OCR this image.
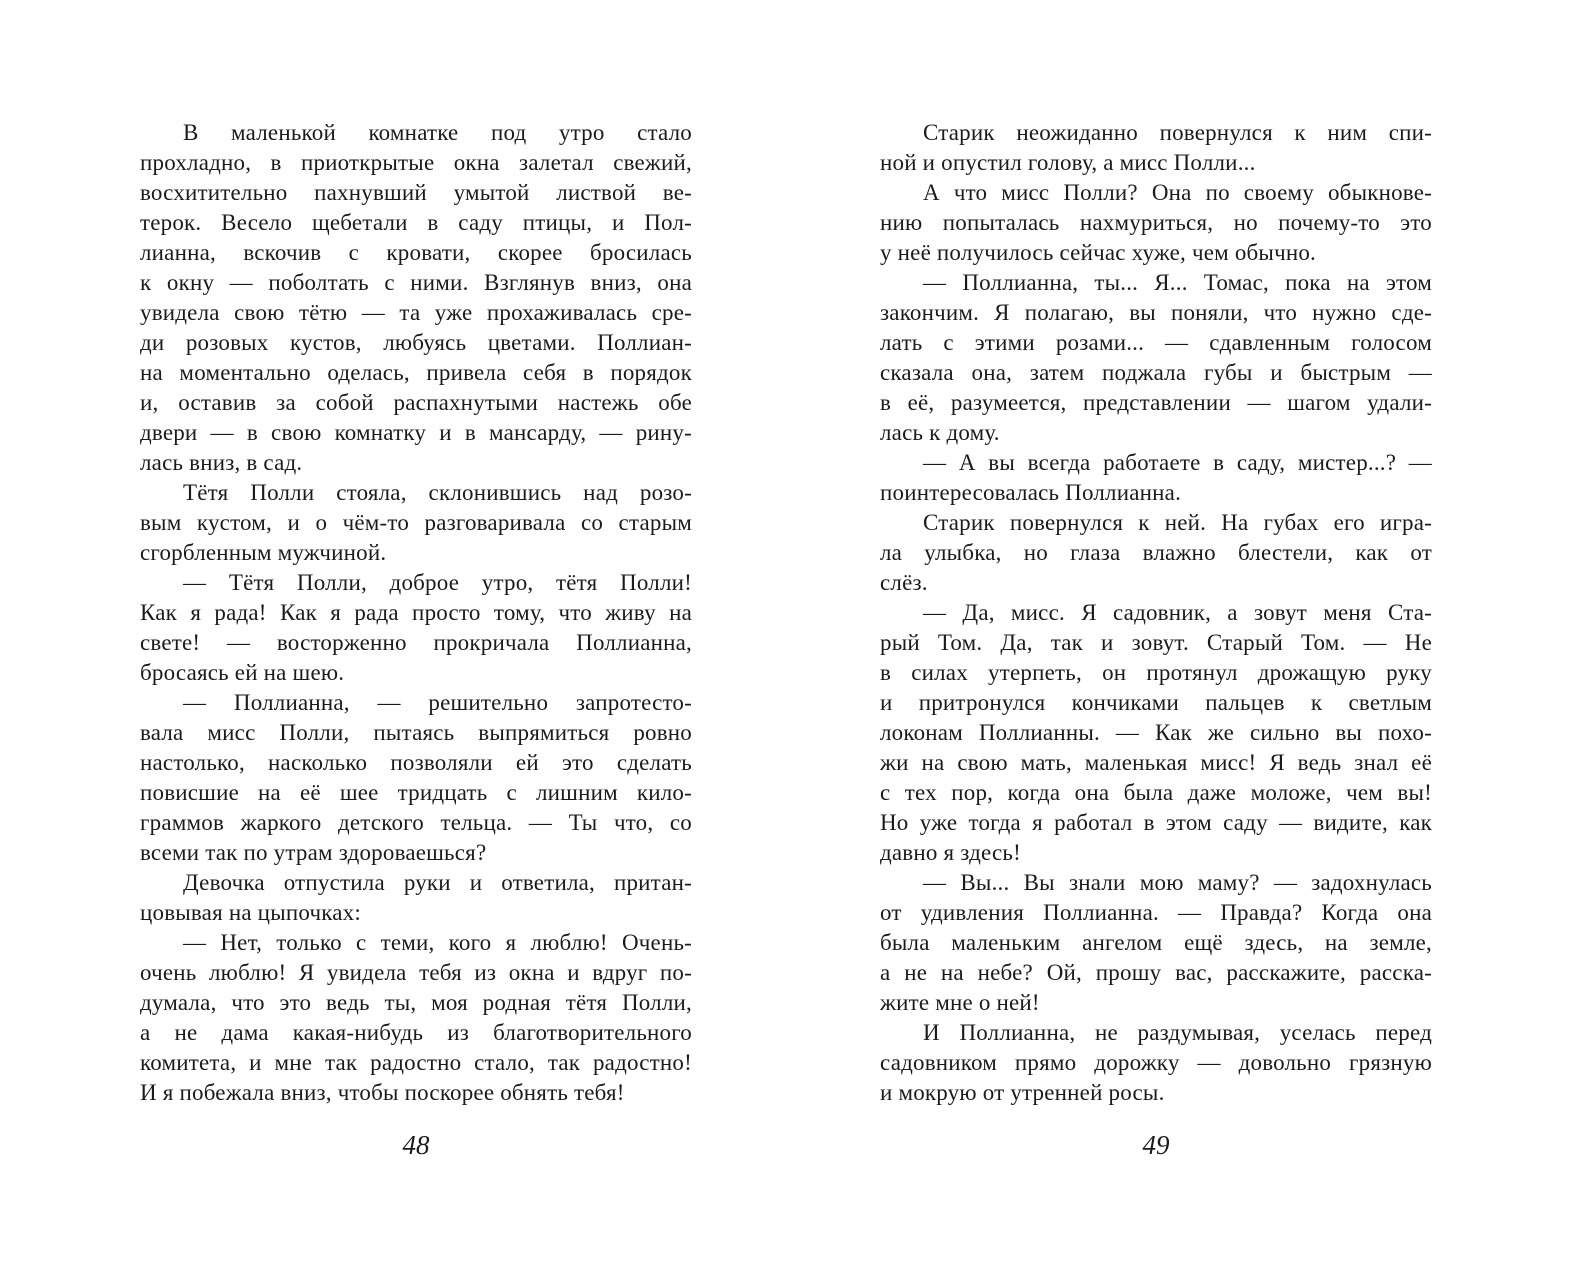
В маленькой комнатке под утро стало
прохладно, в приоткрытые окна залетал свежий,
восхитительно пахнувший умытой листвой ве-
терок. Весело щебетали в саду птицы, и Пол-
лианна, вскочив с кровати, скорее бросилась
к окну — поболтать с ними. Взглянув вниз, она
увидела свою тётю — та уже прохаживалась сре-
ди розовых кустов, любуясь цветами. Поллиан-
на моментально оделась, привела себя в порядок
и, оставив за собой распахнутыми настежь обе
двери — в свою комнатку и в мансарду, — рину-
лась вниз, в сад.
Тётя Полли стояла, склонившись над розо-
вым кустом, и о чём-то разговаривала со старым
сгорбленным мужчиной.
— Тётя Полли, доброе утро, тётя Полли!
Как я рада! Как я рада просто тому, что живу на
свете! — восторженно прокричала Поллианна,
бросаясь ей на шею.
— Поллианна, — решительно запротесто-
вала мисс Полли, пытаясь выпрямиться ровно
настолько, насколько позволяли ей это сделать
повисшие на её шее тридцать с лишним кило-
граммов жаркого детского тельца. — Ты что, со
всеми так по утрам здороваешься?
Девочка отпустила руки и ответила, притан-
цовывая на цыпочках:
— Нет, только с теми, кого я люблю! Очень-
очень люблю! Я увидела тебя из окна и вдруг по-
думала, что это ведь ты, моя родная тётя Полли,
а не дама какая-нибудь из благотворительного
комитета, и мне так радостно стало, так радостно!
И я побежала вниз, чтобы поскорее обнять тебя!
Старик неожиданно повернулся к ним спи-
ной и опустил голову, а мисс Полли...
А что мисс Полли? Она по своему обыкнове-
нию попыталась нахмуриться, но почему-то это
у неё получилось сейчас хуже, чем обычно.
— Поллианна, ты... Я... Томас, пока на этом
закончим. Я полагаю, вы поняли, что нужно сде-
лать с этими розами... — сдавленным голосом
сказала она, затем поджала губы и быстрым —
в её, разумеется, представлении — шагом удали-
лась к дому.
— А вы всегда работаете в саду, мистер...? —
поинтересовалась Поллианна.
Старик повернулся к ней. На губах его игра-
ла улыбка, но глаза влажно блестели, как от
слёз.
— Да, мисс. Я садовник, а зовут меня Ста-
рый Том. Да, так и зовут. Старый Том. — Не
в силах утерпеть, он протянул дрожащую руку
и притронулся кончиками пальцев к светлым
локонам Поллианны. — Как же сильно вы похо-
жи на свою мать, маленькая мисс! Я ведь знал её
с тех пор, когда она была даже моложе, чем вы!
Но уже тогда я работал в этом саду — видите, как
давно я здесь!
— Вы... Вы знали мою маму? — задохнулась
от удивления Поллианна. — Правда? Когда она
была маленьким ангелом ещё здесь, на земле,
а не на небе? Ой, прошу вас, расскажите, расска-
жите мне о ней!
И Поллианна, не раздумывая, уселась перед
садовником прямо дорожку — довольно грязную
и мокрую от утренней росы.
48	49
